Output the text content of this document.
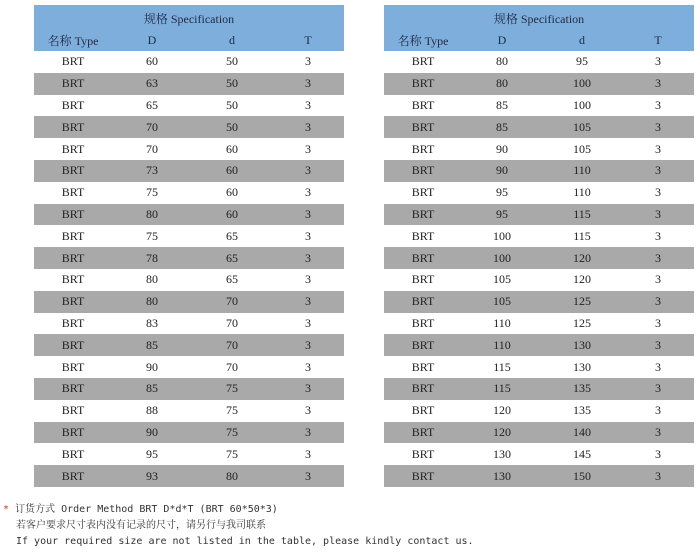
规格 Specification
名称 Type	D	d	T
BRT	60	50	3
BRT	63	50	3
BRT	65	50	3
BRT	70	50	3
BRT	70	60	3
BRT	73	60	3
BRT	75	60	3
BRT	80	60	3
BRT	75	65	3
BRT	78	65	3
BRT	80	65	3
BRT	80	70	3
BRT	83	70	3
BRT	85	70	3
BRT	90	70	3
BRT	85	75	3
BRT	88	75	3
BRT	90	75	3
BRT	95	75	3
BRT	93	80	3
规格 Specification
名称 Type	D	d	T
BRT	80	95	3
BRT	80	100	3
BRT	85	100	3
BRT	85	105	3
BRT	90	105	3
BRT	90	110	3
BRT	95	110	3
BRT	95	115	3
BRT	100	115	3
BRT	100	120	3
BRT	105	120	3
BRT	105	125	3
BRT	110	125	3
BRT	110	130	3
BRT	115	130	3
BRT	115	135	3
BRT	120	135	3
BRT	120	140	3
BRT	130	145	3
BRT	130	150	3
* 订货方式 Order Method BRT D*d*T (BRT 60*50*3)
若客户要求尺寸表内没有记录的尺寸，请另行与我司联系
If your required size are not listed in the table, please kindly contact us.
